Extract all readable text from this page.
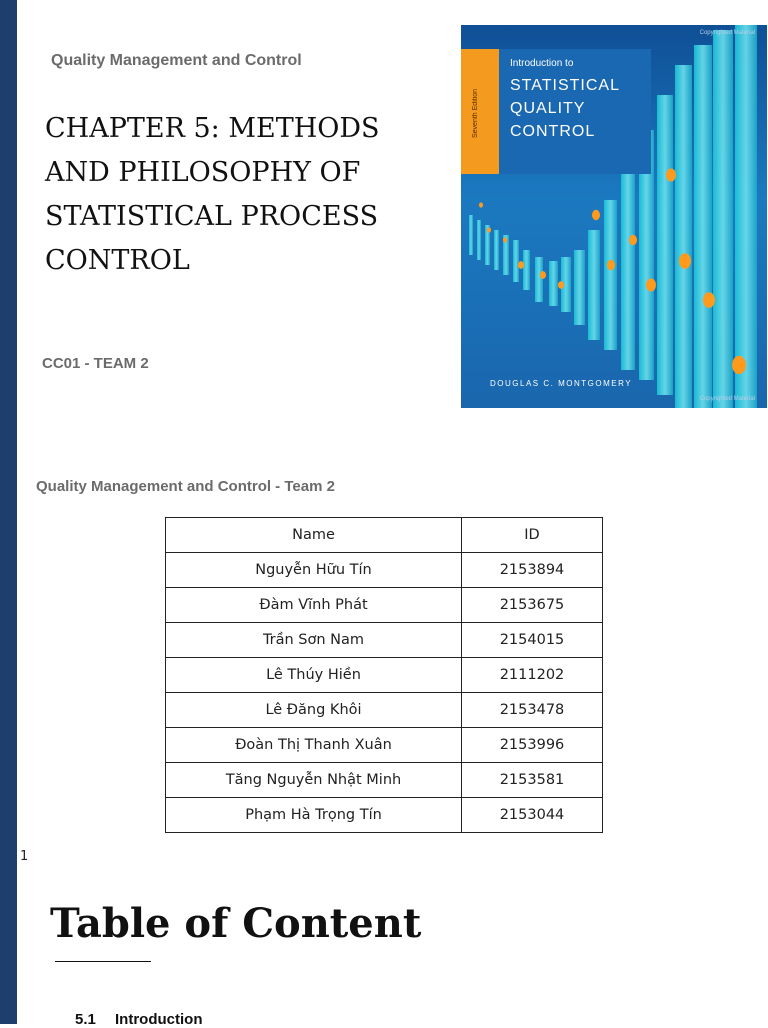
Quality Management and Control
CHAPTER 5: METHODS AND PHILOSOPHY OF STATISTICAL PROCESS CONTROL
CC01 - TEAM 2
Seventh Edition
Copyrighted Material
Introduction to
STATISTICAL QUALITY CONTROL
DOUGLAS C. MONTGOMERY
Copyrighted Material
Quality Management and Control - Team 2
Name	ID
Nguyễn Hữu Tín	2153894
Đàm Vĩnh Phát	2153675
Trần Sơn Nam	2154015
Lê Thúy Hiền	2111202
Lê Đăng Khôi	2153478
Đoàn Thị Thanh Xuân	2153996
Tăng Nguyễn Nhật Minh	2153581
Phạm Hà Trọng Tín	2153044
1
Table of Content
5.1 Introduction
